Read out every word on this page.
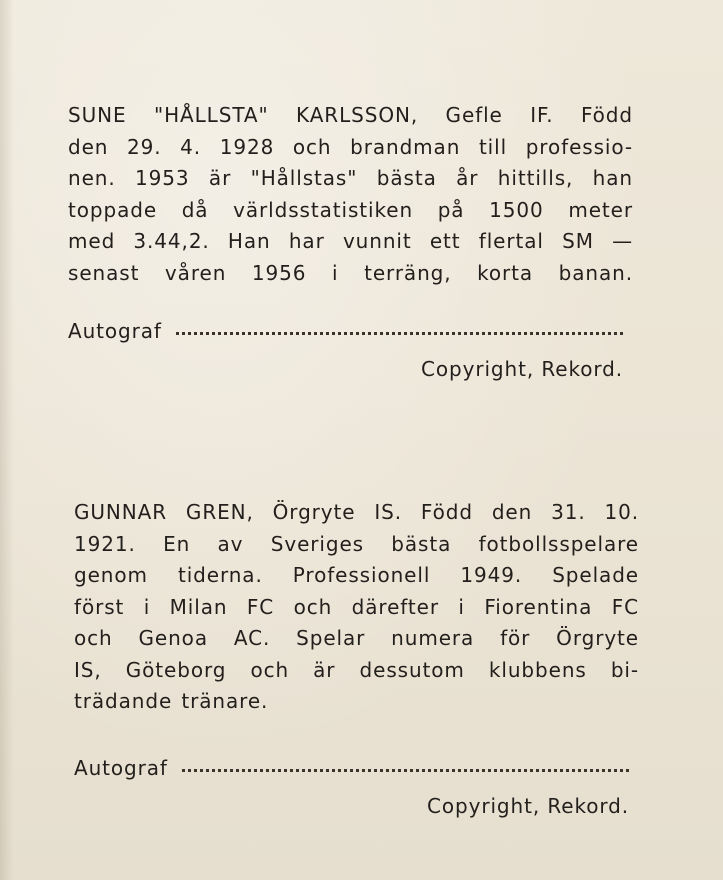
SUNE "HÅLLSTA" KARLSSON, Gefle IF. Född
den 29. 4. 1928 och brandman till professio-
nen. 1953 är "Hållstas" bästa år hittills, han
toppade då världsstatistiken på 1500 meter
med 3.44,2. Han har vunnit ett flertal SM —
senast våren 1956 i terräng, korta banan.

Autograf
Copyright, Rekord.

GUNNAR GREN, Örgryte IS. Född den 31. 10.
1921. En av Sveriges bästa fotbollsspelare
genom tiderna. Professionell 1949. Spelade
först i Milan FC och därefter i Fiorentina FC
och Genoa AC. Spelar numera för Örgryte
IS, Göteborg och är dessutom klubbens bi-
trädande tränare.

Autograf
Copyright, Rekord.
